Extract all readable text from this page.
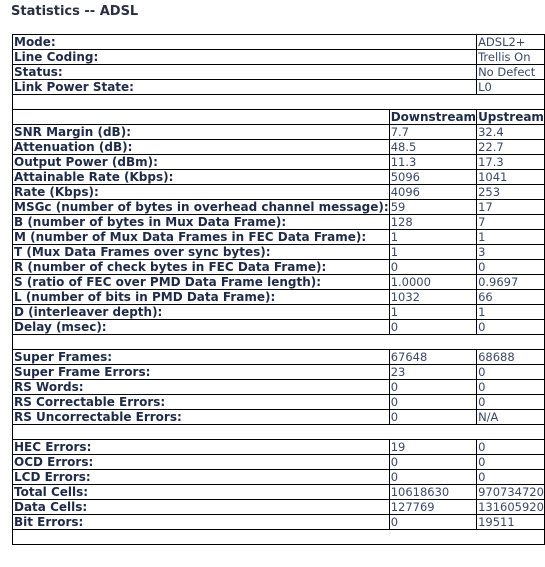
Statistics -- ADSL
Mode:		ADSL2+
Line Coding:		Trellis On
Status:		No Defect
Link Power State:		L0

	Downstream	Upstream
SNR Margin (dB):	7.7	32.4
Attenuation (dB):	48.5	22.7
Output Power (dBm):	11.3	17.3
Attainable Rate (Kbps):	5096	1041
Rate (Kbps):	4096	253
MSGc (number of bytes in overhead channel message):	59	17
B (number of bytes in Mux Data Frame):	128	7
M (number of Mux Data Frames in FEC Data Frame):	1	1
T (Mux Data Frames over sync bytes):	1	3
R (number of check bytes in FEC Data Frame):	0	0
S (ratio of FEC over PMD Data Frame length):	1.0000	0.9697
L (number of bits in PMD Data Frame):	1032	66
D (interleaver depth):	1	1
Delay (msec):	0	0

Super Frames:	67648	68688
Super Frame Errors:	23	0
RS Words:	0	0
RS Correctable Errors:	0	0
RS Uncorrectable Errors:	0	N/A

HEC Errors:	19	0
OCD Errors:	0	0
LCD Errors:	0	0
Total Cells:	10618630	970734720
Data Cells:	127769	131605920
Bit Errors:	0	19511
